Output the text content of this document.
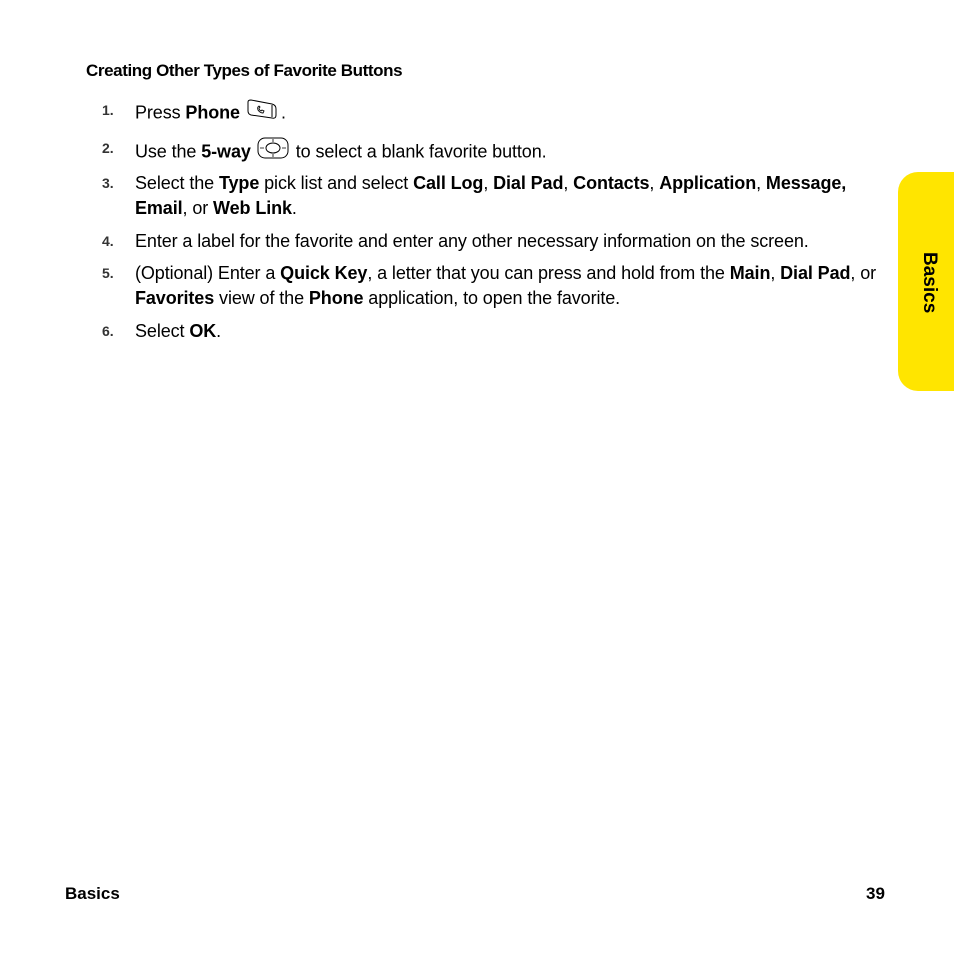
Creating Other Types of Favorite Buttons
1. Press Phone .
2. Use the 5-way	to select a blank favorite button.
3. Select the Type pick list and select Call Log, Dial Pad, Contacts, Application, Message, Email, or Web Link.
4. Enter a label for the favorite and enter any other necessary information on the screen.
5. (Optional) Enter a Quick Key, a letter that you can press and hold from the Main, Dial Pad, or Favorites view of the Phone application, to open the favorite.
6. Select OK.
Basics
Basics	39
